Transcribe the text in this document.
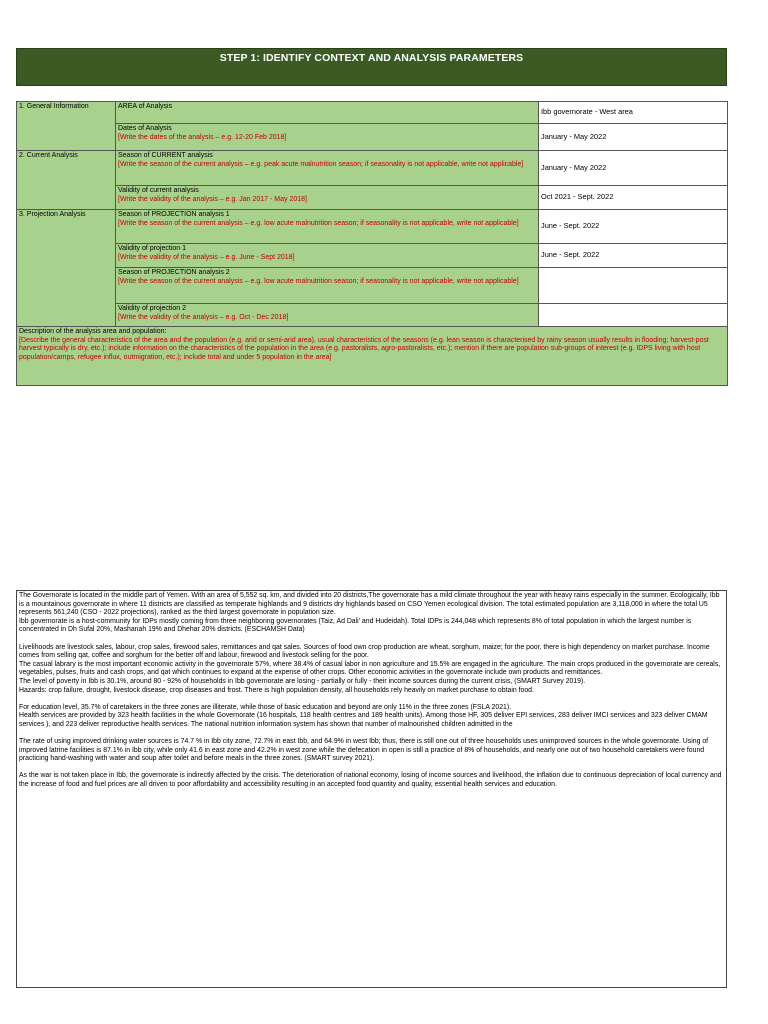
STEP 1: IDENTIFY CONTEXT AND ANALYSIS PARAMETERS
1. General Information	AREA of Analysis	Ibb governorate - West area

	Dates of Analysis
[Write the dates of the analysis – e.g. 12-20 Feb 2018]	January - May 2022
2. Current Analysis	Season of CURRENT analysis
[Write the season of the current analysis – e.g. peak acute malnutrition season; if seasonality is not applicable, write not applicable]	January - May 2022

	Validity of current analysis
[Write the validity of the analysis – e.g. Jan 2017 - May 2018]	Oct 2021 - Sept. 2022
3. Projection Analysis	Season of PROJECTION analysis 1
[Write the season of the current analysis – e.g. low acute malnutrition season; if seasonality is not applicable, write not applicable]	June - Sept. 2022

	Validity of projection 1
[Write the validity of the analysis – e.g. June - Sept 2018]	June - Sept. 2022

	Season of PROJECTION analysis 2
[Write the season of the current analysis – e.g. low acute malnutrition season; if seasonality is not applicable, write not applicable]	

	Validity of projection 2
[Write the validity of the analysis – e.g. Oct - Dec 2018]	

Description of the analysis area and population:
[Describe the general characteristics of the area and the population (e.g. arid or semi-arid area), usual characteristics of the seasons (e.g. lean season is characterised by rainy season usually results in flooding; harvest-post harvest typically is dry, etc.); include information on the characteristics of the population in the area (e.g. pastoralists, agro-pastoralists, etc.); mention if there are population sub-groups of interest (e.g. IDPS living with host population/camps, refugee influx, outmigration, etc.); include total and under 5 population in the area]		

The Governorate is located in the middle part of Yemen. With an area of 5,552 sq. km, and divided into 20 districts,The governorate has a mild climate throughout the year with heavy rains especially in the summer. Ecologically, Ibb is a mountainous governorate in where 11 districts are classified as temperate highlands and 9 districts dry highlands based on CSO Yemen ecological division. The total estimated population are 3,118,000 in where the total U5 represents 561,240 (CSO - 2022 projections), ranked as the third largest governorate in population size.

Ibb governorate is a host-community for IDPs mostly coming from three neighboring governorates (Taiz, Ad Dali' and Hudeidah). Total IDPs is 244,048 which represents 8% of total population in which the largest number is concentrated in Dh Sufal 20%, Mashanah 19% and Dhehar 20% districts. (ESCHAMSH Data)

Livelihoods are livestock sales, labour, crop sales, firewood sales, remittances and qat sales. Sources of food own crop production are wheat, sorghum, maize; for the poor, there is high dependency on market purchase. Income comes from selling qat, coffee and sorghum for the better off and labour, firewood and livestock selling for the poor.

The casual labrary is the most important economic activity in the governorate 57%, where 38.4% of casual labor in non agriculture and 15.5% are engaged in the agriculture. The main crops produced in the governorate are cereals, vegetables, pulses, fruits and cash crops, and qat which continues to expand at the expense of other crops. Other economic activities in the governorate include own products and remittances.

The level of poverty in Ibb is 30.1%, around 80 - 92% of households in Ibb governorate are losing - partially or fully - their income sources during the current crisis, (SMART Survey 2019).

Hazards: crop failure, drought, livestock disease, crop diseases and frost. There is high population density, all households rely heavily on market purchase to obtain food.

For education level, 35.7% of caretakers in the three zones are illiterate, while those of basic education and beyond are only 11% in the three zones (FSLA 2021).

Health services are provided by 323 health facilities in the whole Governorate (16 hospitals, 118 health centres and 189 health units). Among those HF, 305 deliver EPI services, 283 deliver IMCI services and 323 deliver CMAM services ), and 223 deliver reproductive health services. The national nutrition information system has shown that number of malnourished children admitted in the

The rate of using improved drinking water sources is 74.7 % in Ibb city zone, 72.7% in east Ibb, and 64.9% in west Ibb; thus, there is still one out of three households uses unimproved sources in the whole governorate. Using of improved latrine facilities is 87.1% in Ibb city, while only 41.6 in east zone and 42.2% in west zone while the defecation in open is still a practice of 8% of households, and nearly one out of two household caretakers were found practicing hand-washing with water and soup after toilet and before meals in the three zones. (SMART survey 2021).

As the war is not taken place in Ibb, the governorate is indirectly affected by the crisis. The deterioration of national economy, losing of income sources and livelihood, the inflation due to continuous depreciation of local currency and the increase of food and fuel prices are all driven to poor affordability and accessibility resulting in an accepted food quantity and quality, essential health services and education.
